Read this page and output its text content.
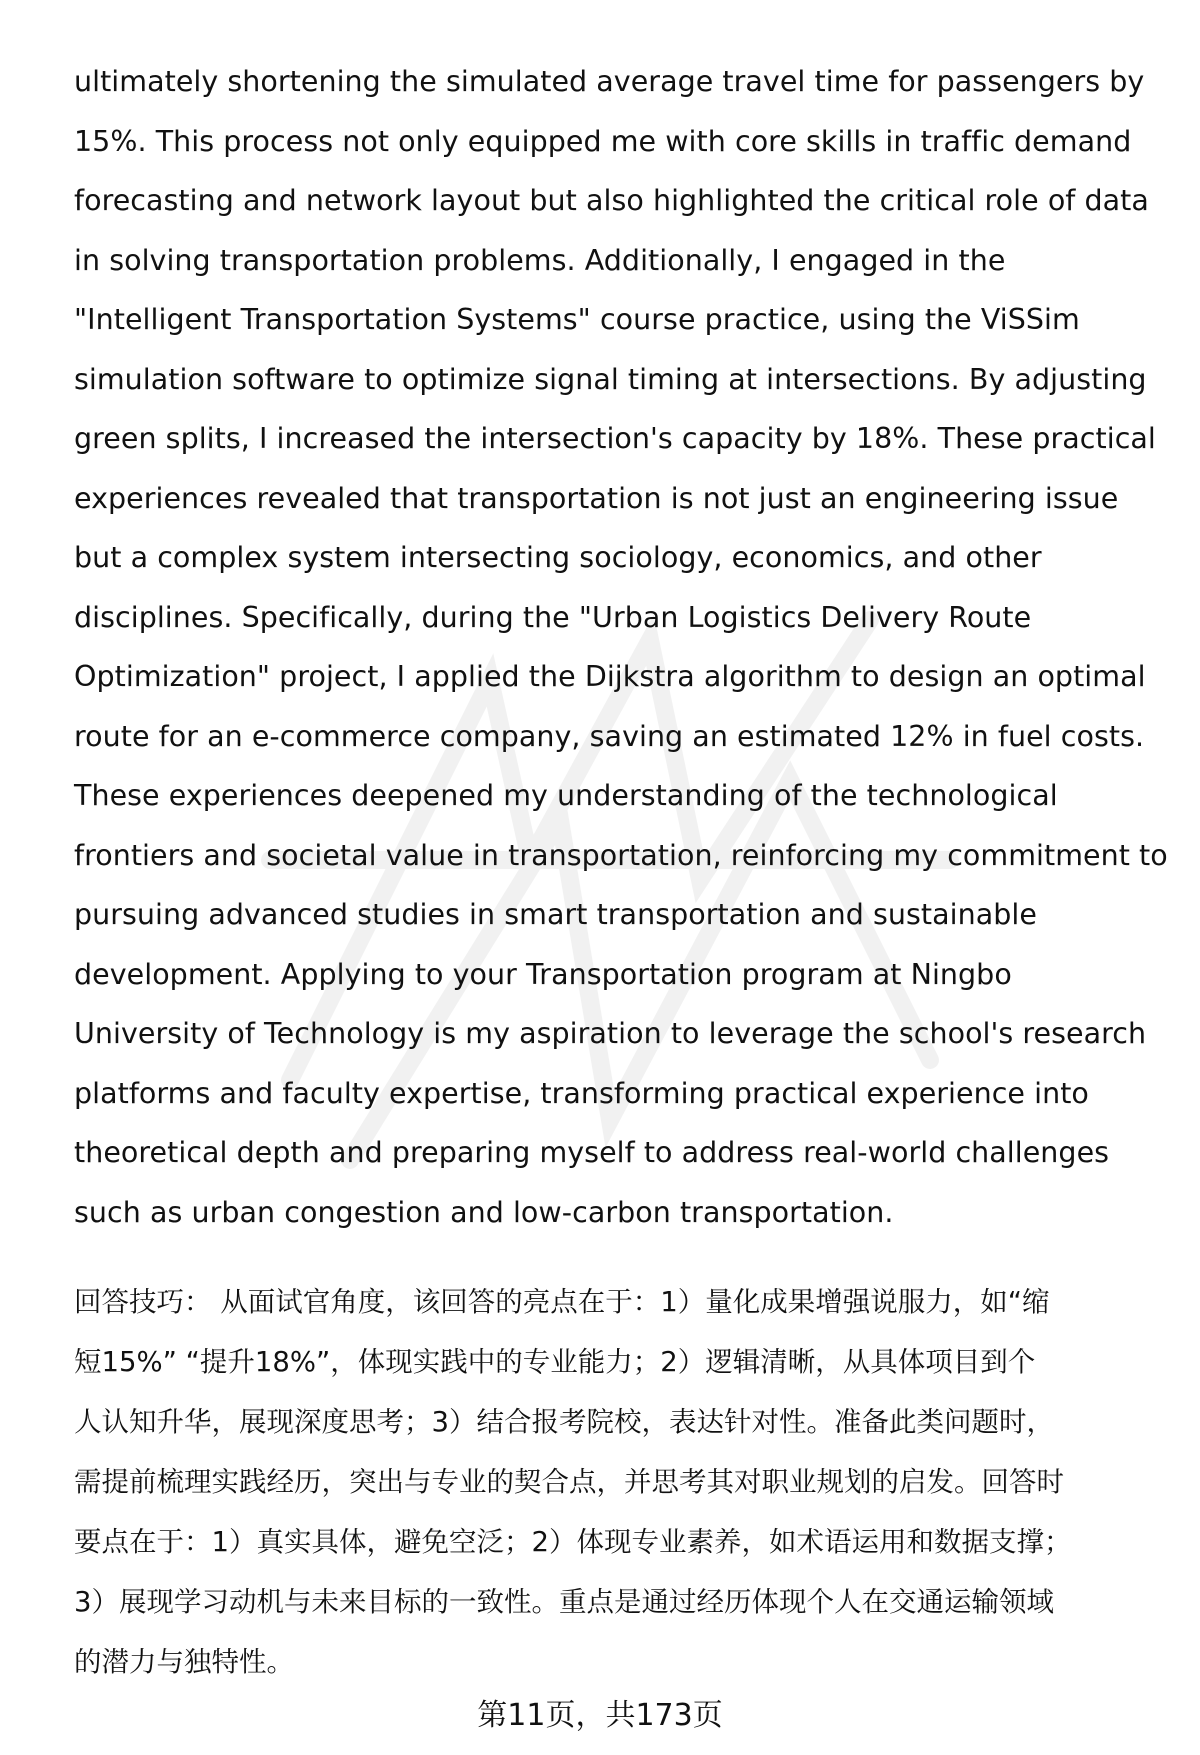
ultimately shortening the simulated average travel time for passengers by
15%. This process not only equipped me with core skills in traffic demand
forecasting and network layout but also highlighted the critical role of data
in solving transportation problems. Additionally, I engaged in the
"Intelligent Transportation Systems" course practice, using the ViSSim
simulation software to optimize signal timing at intersections. By adjusting
green splits, I increased the intersection's capacity by 18%. These practical
experiences revealed that transportation is not just an engineering issue
but a complex system intersecting sociology, economics, and other
disciplines. Specifically, during the "Urban Logistics Delivery Route
Optimization" project, I applied the Dijkstra algorithm to design an optimal
route for an e-commerce company, saving an estimated 12% in fuel costs.
These experiences deepened my understanding of the technological
frontiers and societal value in transportation, reinforcing my commitment to
pursuing advanced studies in smart transportation and sustainable
development. Applying to your Transportation program at Ningbo
University of Technology is my aspiration to leverage the school's research
platforms and faculty expertise, transforming practical experience into
theoretical depth and preparing myself to address real-world challenges
such as urban congestion and low-carbon transportation.
回答技巧： 从面试官角度，该回答的亮点在于：1）量化成果增强说服力，如“缩
短15%” “提升18%”，体现实践中的专业能力；2）逻辑清晰，从具体项目到个
人认知升华，展现深度思考；3）结合报考院校，表达针对性。准备此类问题时，
需提前梳理实践经历，突出与专业的契合点，并思考其对职业规划的启发。回答时
要点在于：1）真实具体，避免空泛；2）体现专业素养，如术语运用和数据支撑；
3）展现学习动机与未来目标的一致性。重点是通过经历体现个人在交通运输领域
的潜力与独特性。
第11页，共173页
